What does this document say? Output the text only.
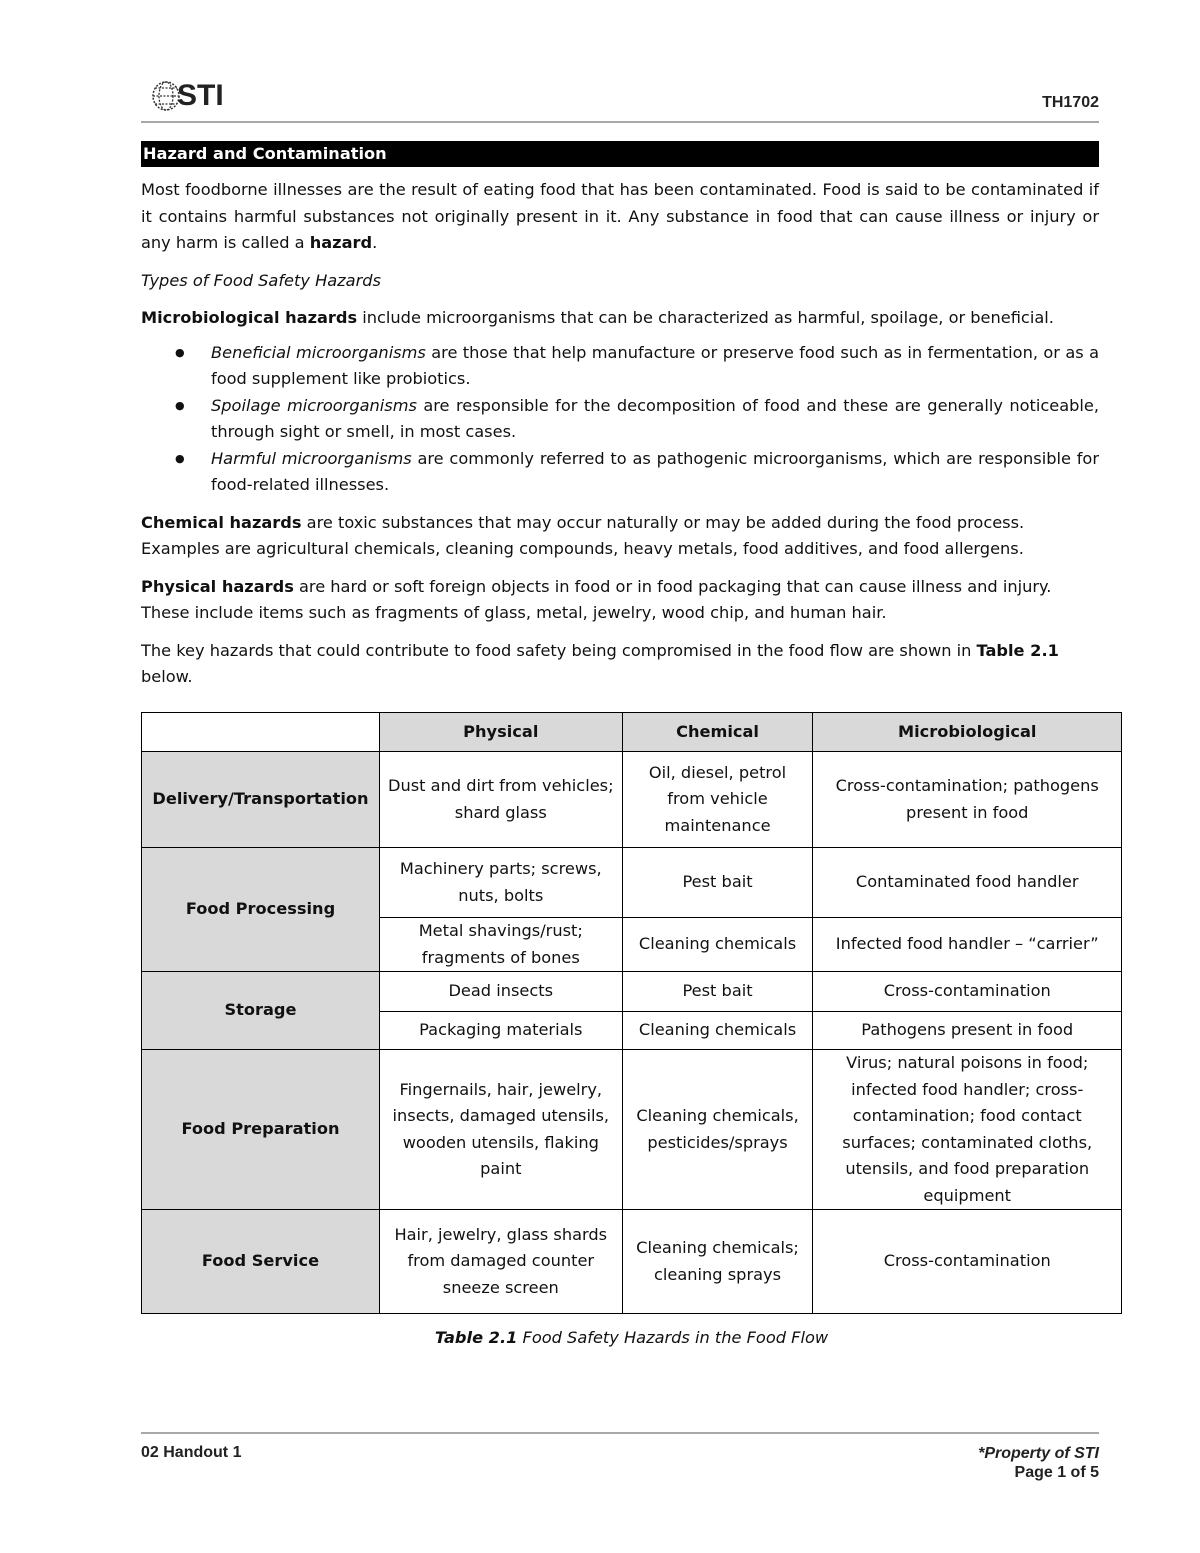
STI	TH1702
Hazard and Contamination

Most foodborne illnesses are the result of eating food that has been contaminated. Food is said to be contaminated if it contains harmful substances not originally present in it. Any substance in food that can cause illness or injury or any harm is called a hazard.

Types of Food Safety Hazards

Microbiological hazards include microorganisms that can be characterized as harmful, spoilage, or beneficial.

● Beneficial microorganisms are those that help manufacture or preserve food such as in fermentation, or as a food supplement like probiotics.
● Spoilage microorganisms are responsible for the decomposition of food and these are generally noticeable, through sight or smell, in most cases.
● Harmful microorganisms are commonly referred to as pathogenic microorganisms, which are responsible for food-related illnesses.

Chemical hazards are toxic substances that may occur naturally or may be added during the food process. Examples are agricultural chemicals, cleaning compounds, heavy metals, food additives, and food allergens.

Physical hazards are hard or soft foreign objects in food or in food packaging that can cause illness and injury. These include items such as fragments of glass, metal, jewelry, wood chip, and human hair.

The key hazards that could contribute to food safety being compromised in the food flow are shown in Table 2.1 below.

	Physical	Chemical	Microbiological
Delivery/Transportation	Dust and dirt from vehicles; shard glass	Oil, diesel, petrol from vehicle maintenance	Cross-contamination; pathogens present in food
Food Processing	Machinery parts; screws, nuts, bolts	Pest bait	Contaminated food handler
	Metal shavings/rust; fragments of bones	Cleaning chemicals	Infected food handler – “carrier”
Storage	Dead insects	Pest bait	Cross-contamination
	Packaging materials	Cleaning chemicals	Pathogens present in food
Food Preparation	Fingernails, hair, jewelry, insects, damaged utensils, wooden utensils, flaking paint	Cleaning chemicals, pesticides/sprays	Virus; natural poisons in food; infected food handler; cross-contamination; food contact surfaces; contaminated cloths, utensils, and food preparation equipment
Food Service	Hair, jewelry, glass shards from damaged counter sneeze screen	Cleaning chemicals; cleaning sprays	Cross-contamination
Table 2.1 Food Safety Hazards in the Food Flow
02 Handout 1	*Property of STI
Page 1 of 5
